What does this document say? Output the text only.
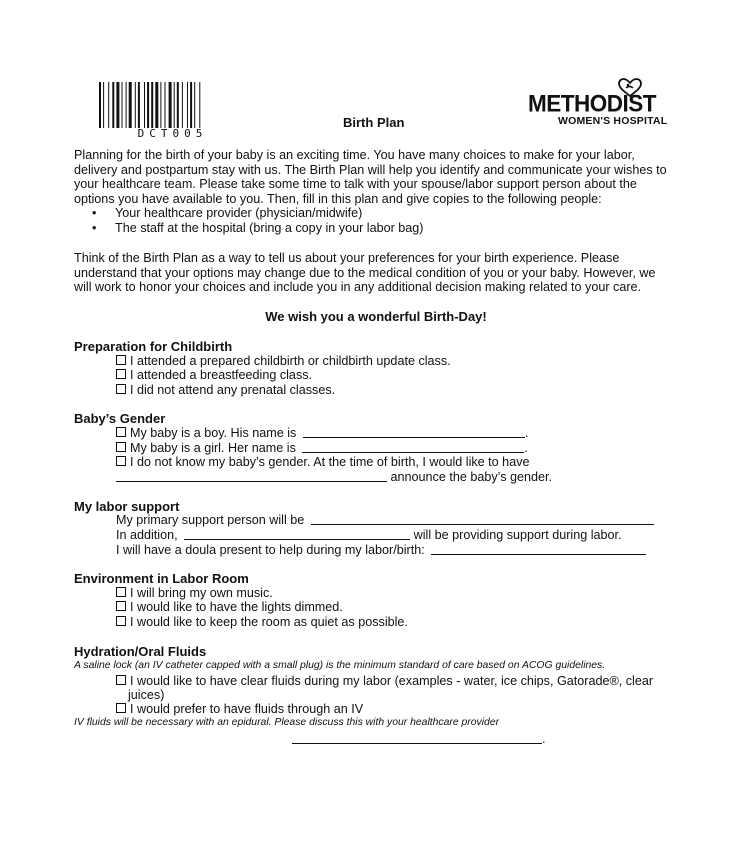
DCT005
Birth Plan
METHODIST
WOMEN'S HOSPITAL

Planning for the birth of your baby is an exciting time. You have many choices to make for your labor,

delivery and postpartum stay with us. The Birth Plan will help you identify and communicate your wishes to

your healthcare team. Please take some time to talk with your spouse/labor support person about the

options you have available to you. Then, fill in this plan and give copies to the following people:

• Your healthcare provider (physician/midwife)
• The staff at the hospital (bring a copy in your labor bag)

Think of the Birth Plan as a way to tell us about your preferences for your birth experience. Please

understand that your options may change due to the medical condition of you or your baby. However, we

will work to honor your choices and include you in any additional decision making related to your care.

We wish you a wonderful Birth-Day!
Preparation for Childbirth
I attended a prepared childbirth or childbirth update class.
I attended a breastfeeding class.
I did not attend any prenatal classes.
Baby’s Gender
My baby is a boy. His name is	.
My baby is a girl. Her name is	.
I do not know my baby’s gender. At the time of birth, I would like to have
announce the baby’s gender.
My labor support
My primary support person will be
In addition,	will be providing support during labor.
I will have a doula present to help during my labor/birth:
Environment in Labor Room
I will bring my own music.
I would like to have the lights dimmed.
I would like to keep the room as quiet as possible.
Hydration/Oral Fluids
A saline lock (an IV catheter capped with a small plug) is the minimum standard of care based on ACOG guidelines.
I would like to have clear fluids during my labor (examples - water, ice chips, Gatorade®, clear
juices)
I would prefer to have fluids through an IV
IV fluids will be necessary with an epidural. Please discuss this with your healthcare provider
.
